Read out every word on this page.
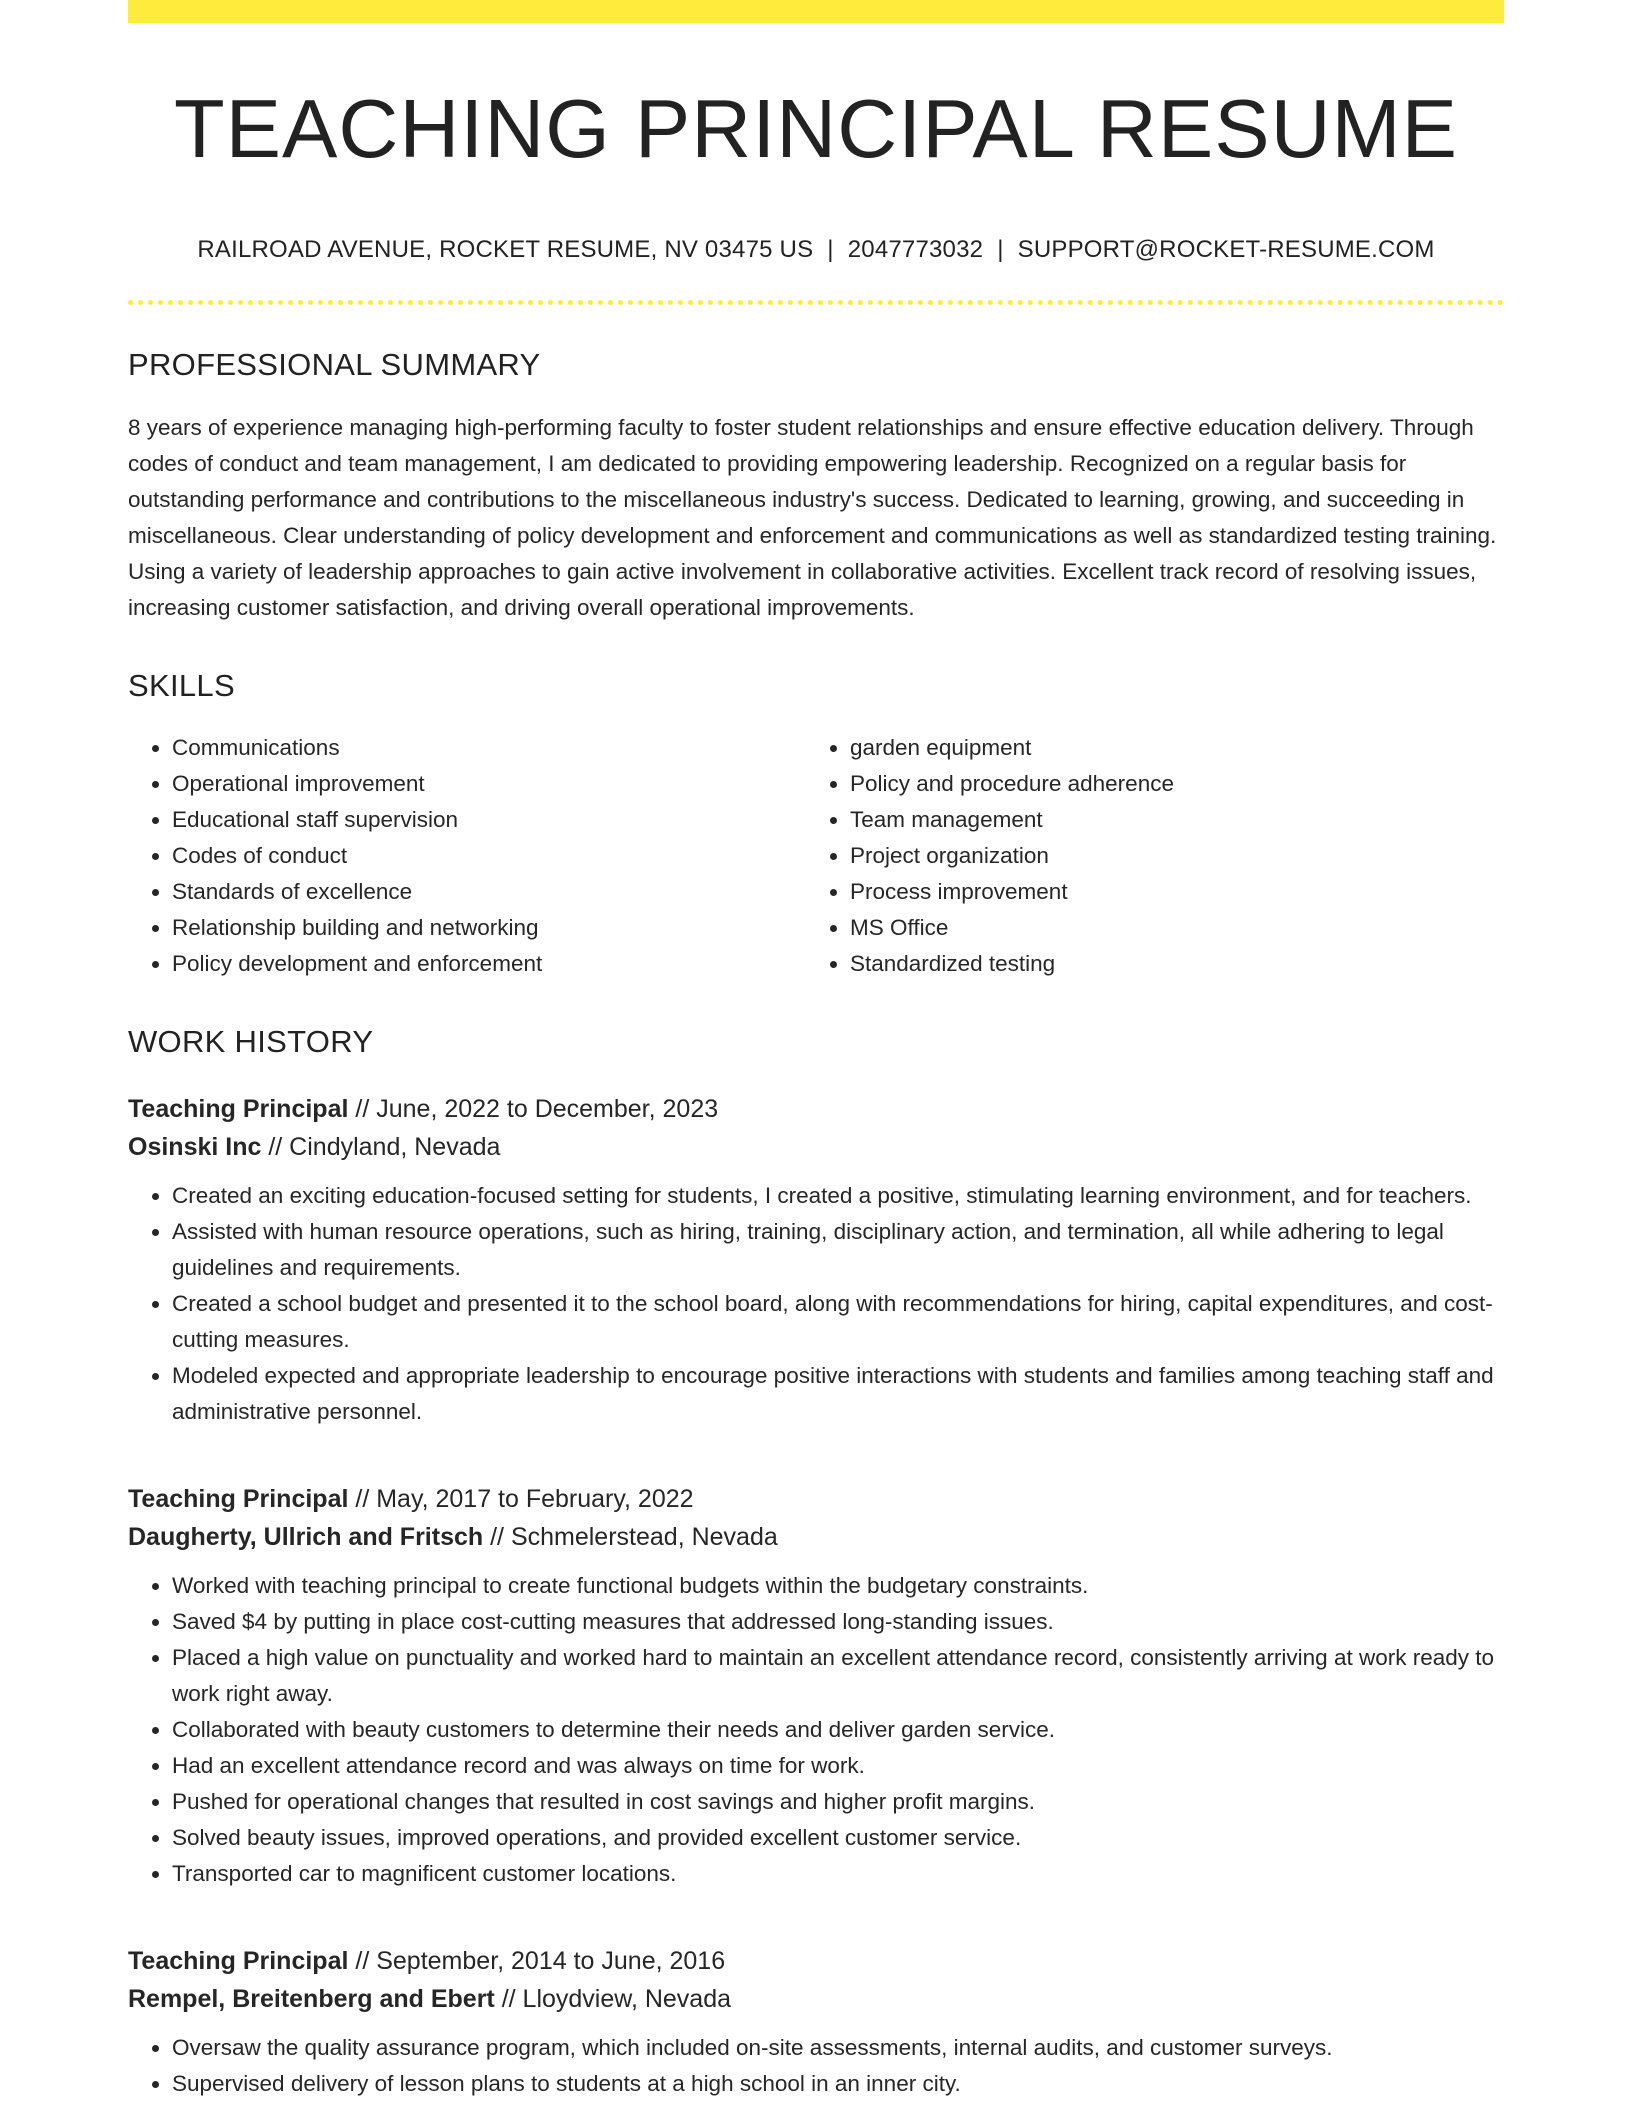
TEACHING PRINCIPAL RESUME
RAILROAD AVENUE, ROCKET RESUME, NV 03475 US | 2047773032 | SUPPORT@ROCKET-RESUME.COM
PROFESSIONAL SUMMARY

8 years of experience managing high-performing faculty to foster student relationships and ensure effective education delivery. Through codes of conduct and team management, I am dedicated to providing empowering leadership. Recognized on a regular basis for outstanding performance and contributions to the miscellaneous industry's success. Dedicated to learning, growing, and succeeding in miscellaneous. Clear understanding of policy development and enforcement and communications as well as standardized testing training. Using a variety of leadership approaches to gain active involvement in collaborative activities. Excellent track record of resolving issues, increasing customer satisfaction, and driving overall operational improvements.

SKILLS
• Communications
• Operational improvement
• Educational staff supervision
• Codes of conduct
• Standards of excellence
• Relationship building and networking
• Policy development and enforcement
• garden equipment
• Policy and procedure adherence
• Team management
• Project organization
• Process improvement
• MS Office
• Standardized testing
WORK HISTORY
Teaching Principal // June, 2022 to December, 2023
Osinski Inc // Cindyland, Nevada
• Created an exciting education-focused setting for students, I created a positive, stimulating learning environment, and for teachers.
• Assisted with human resource operations, such as hiring, training, disciplinary action, and termination, all while adhering to legal guidelines and requirements.
• Created a school budget and presented it to the school board, along with recommendations for hiring, capital expenditures, and cost-cutting measures.
• Modeled expected and appropriate leadership to encourage positive interactions with students and families among teaching staff and administrative personnel.
Teaching Principal // May, 2017 to February, 2022
Daugherty, Ullrich and Fritsch // Schmelerstead, Nevada
• Worked with teaching principal to create functional budgets within the budgetary constraints.
• Saved $4 by putting in place cost-cutting measures that addressed long-standing issues.
• Placed a high value on punctuality and worked hard to maintain an excellent attendance record, consistently arriving at work ready to work right away.
• Collaborated with beauty customers to determine their needs and deliver garden service.
• Had an excellent attendance record and was always on time for work.
• Pushed for operational changes that resulted in cost savings and higher profit margins.
• Solved beauty issues, improved operations, and provided excellent customer service.
• Transported car to magnificent customer locations.
Teaching Principal // September, 2014 to June, 2016
Rempel, Breitenberg and Ebert // Lloydview, Nevada
• Oversaw the quality assurance program, which included on-site assessments, internal audits, and customer surveys.
• Supervised delivery of lesson plans to students at a high school in an inner city.
